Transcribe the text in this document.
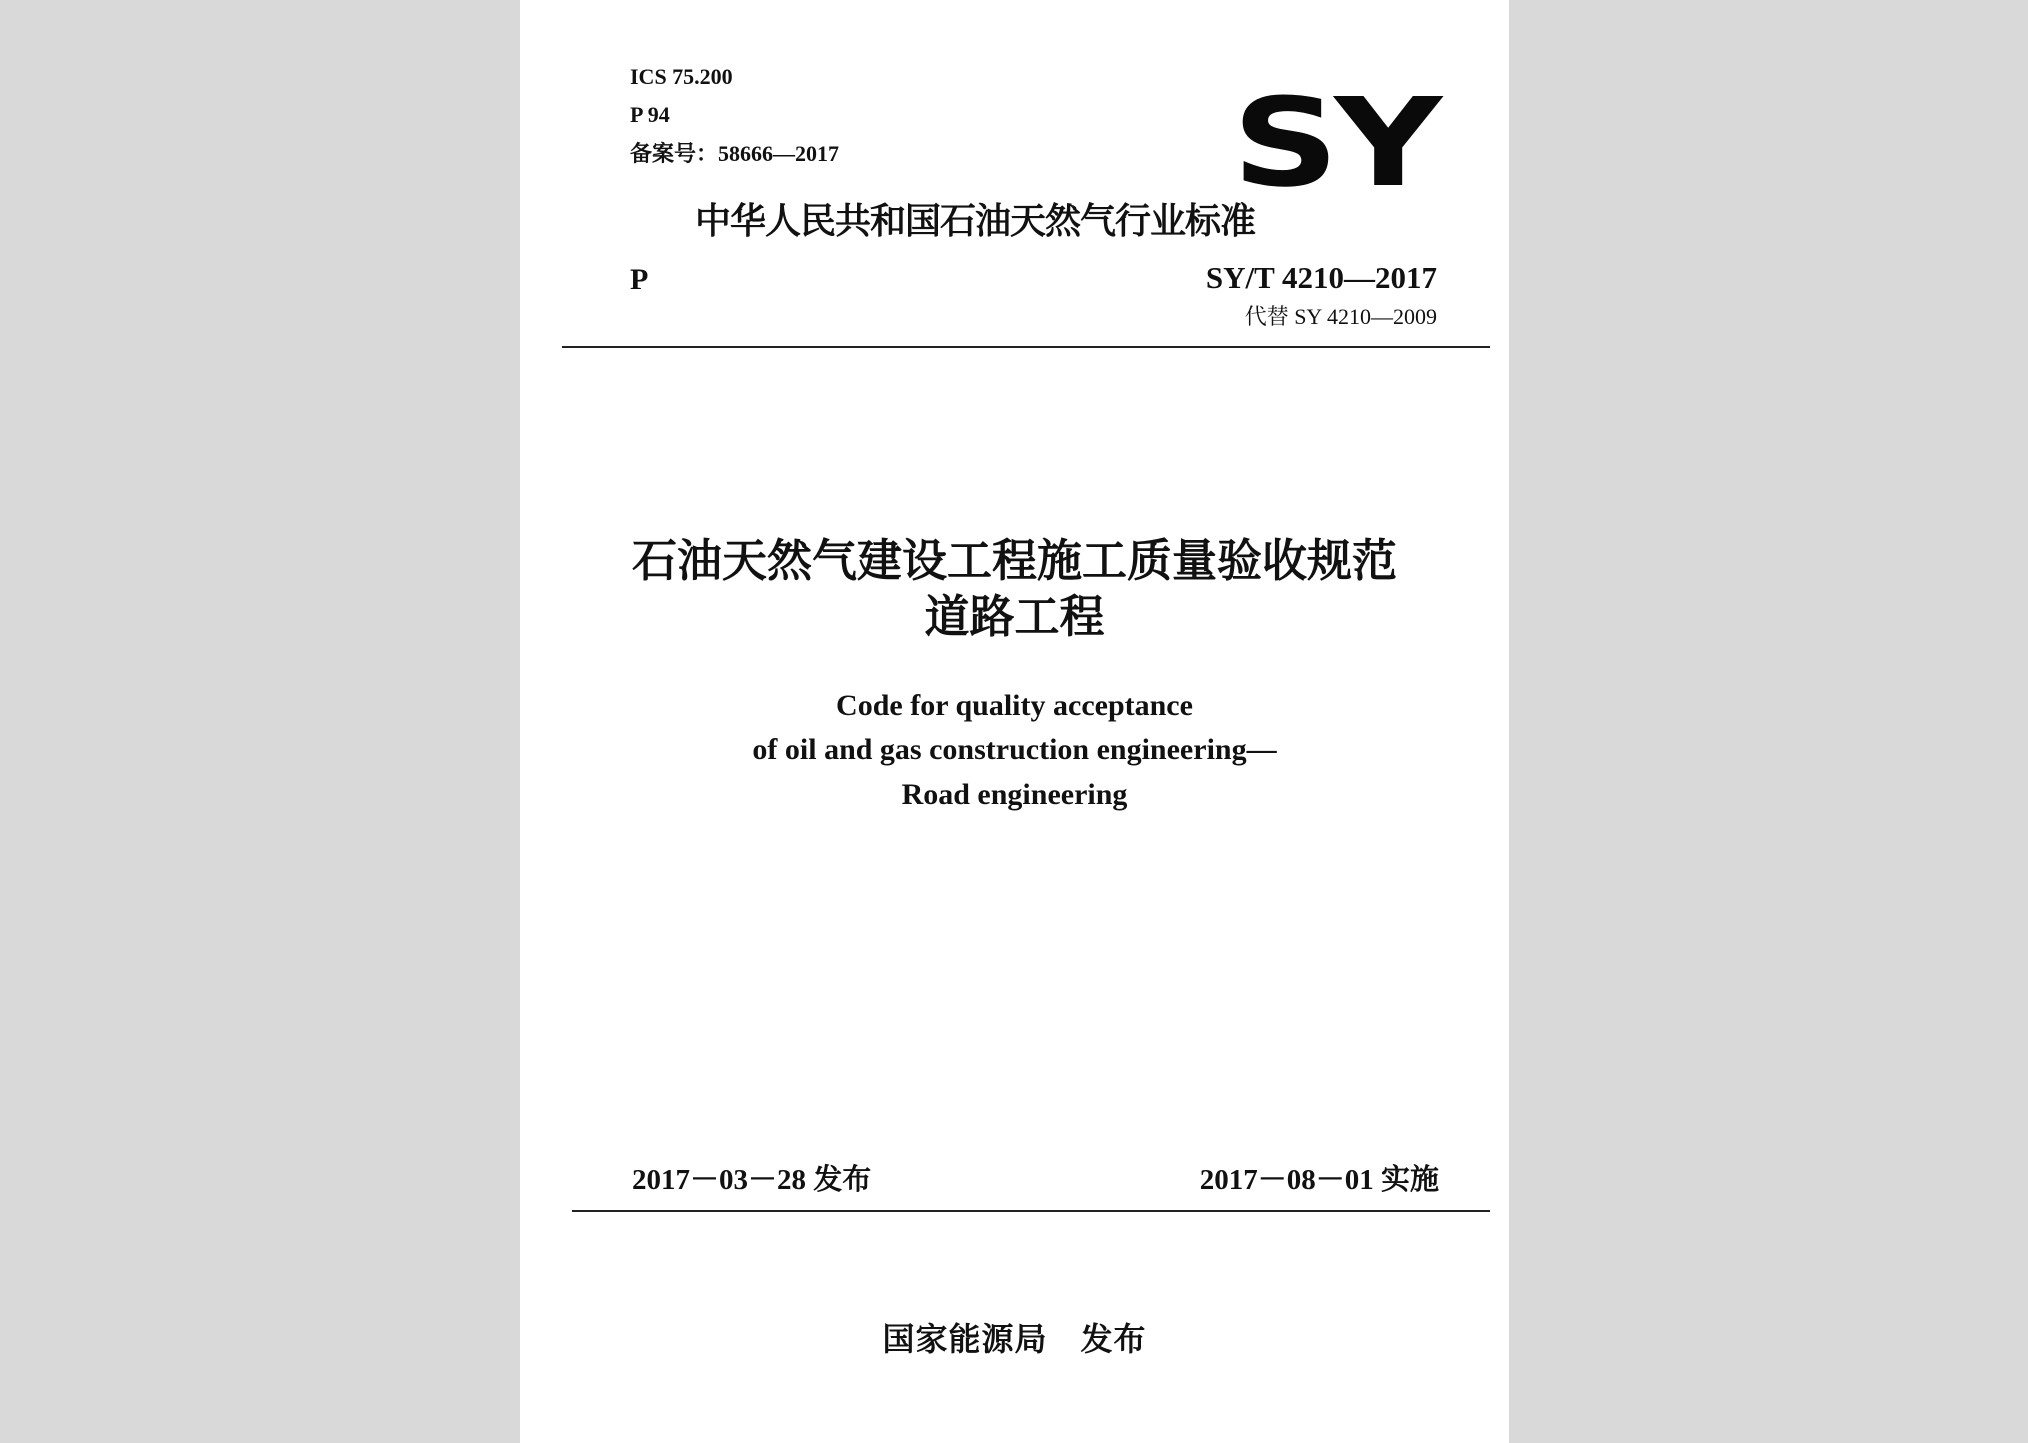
ICS 75.200

P 94

备案号：58666—2017	SY

中华人民共和国石油天然气行业标准

P	SY/T 4210—2017

代替 SY 4210—2009

石油天然气建设工程施工质量验收规范

道路工程

Code for quality acceptance

of oil and gas construction engineering—

Road engineering

2017－03－28 发布	2017－08－01 实施

国家能源局　发布
